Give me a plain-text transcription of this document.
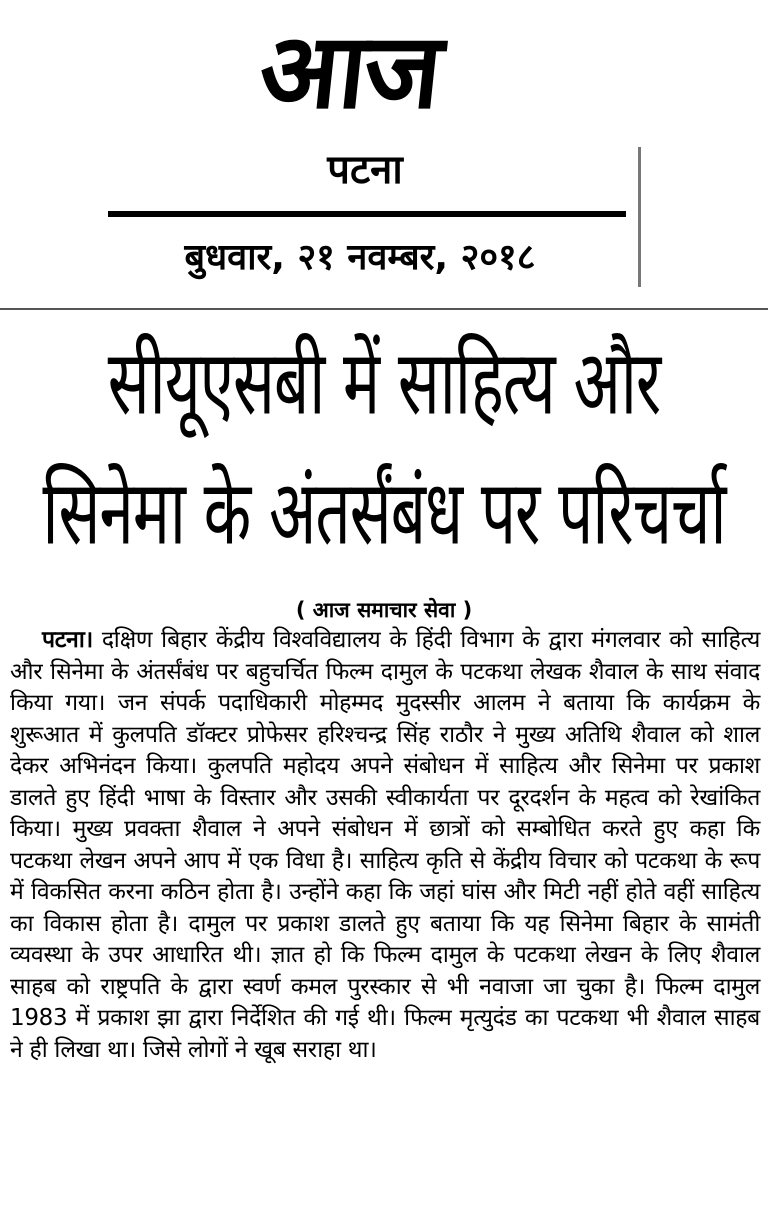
आज
पटना
बुधवार, २१ नवम्बर, २०१८
सीयूएसबी में साहित्य और
सिनेमा के अंतर्संबंध पर परिचर्चा
( आज समाचार सेवा )
पटना। दक्षिण बिहार केंद्रीय विश्वविद्यालय के हिंदी विभाग के द्वारा मंगलवार को साहित्य और सिनेमा के अंतर्संबंध पर बहुचर्चित फिल्म दामुल के पटकथा लेखक शैवाल के साथ संवाद किया गया। जन संपर्क पदाधिकारी मोहम्मद मुदस्सीर आलम ने बताया कि कार्यक्रम के शुरूआत में कुलपति डॉक्टर प्रोफेसर हरिश्चन्द्र सिंह राठौर ने मुख्य अतिथि शैवाल को शाल देकर अभिनंदन किया। कुलपति महोदय अपने संबोधन में साहित्य और सिनेमा पर प्रकाश डालते हुए हिंदी भाषा के विस्तार और उसकी स्वीकार्यता पर दूरदर्शन के महत्व को रेखांकित किया। मुख्य प्रवक्ता शैवाल ने अपने संबोधन में छात्रों को सम्बोधित करते हुए कहा कि पटकथा लेखन अपने आप में एक विधा है। साहित्य कृति से केंद्रीय विचार को पटकथा के रूप में विकसित करना कठिन होता है। उन्होंने कहा कि जहां घांस और मिटी नहीं होते वहीं साहित्य का विकास होता है। दामुल पर प्रकाश डालते हुए बताया कि यह सिनेमा बिहार के सामंती व्यवस्था के उपर आधारित थी। ज्ञात हो कि फिल्म दामुल के पटकथा लेखन के लिए शैवाल साहब को राष्ट्रपति के द्वारा स्वर्ण कमल पुरस्कार से भी नवाजा जा चुका है। फिल्म दामुल 1983 में प्रकाश झा द्वारा निर्देशित की गई थी। फिल्म मृत्युदंड का पटकथा भी शैवाल साहब ने ही लिखा था। जिसे लोगों ने खूब सराहा था।
